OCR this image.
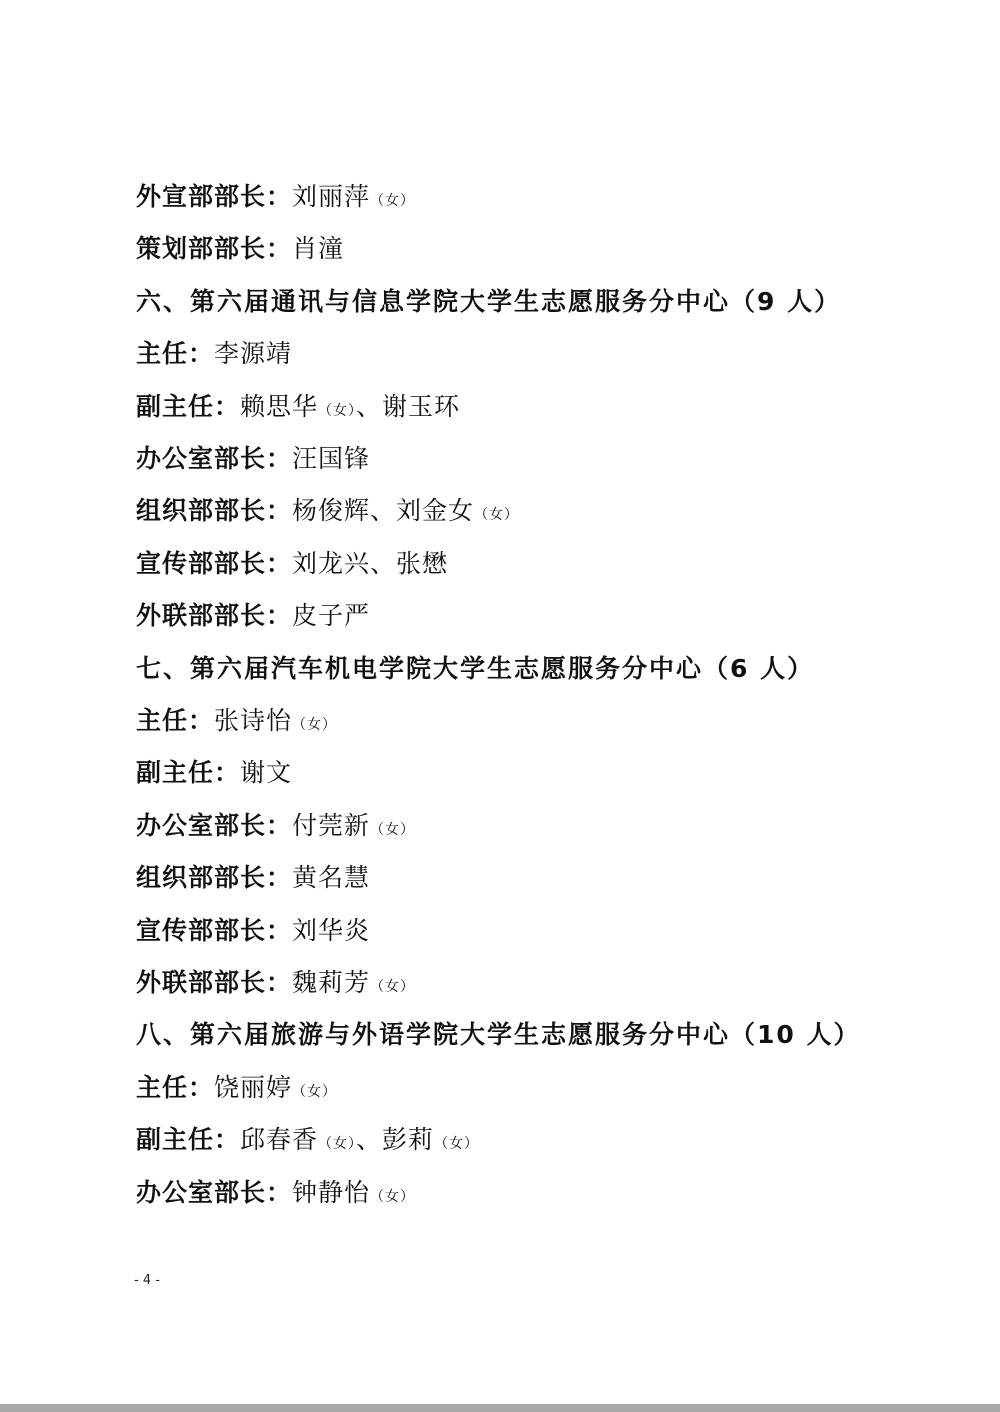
外宣部部长：刘丽萍（女）
策划部部长：肖潼
六、第六届通讯与信息学院大学生志愿服务分中心（9 人）
主任：李源靖
副主任：赖思华（女）、谢玉环
办公室部长：汪国锋
组织部部长：杨俊辉、刘金女（女）
宣传部部长：刘龙兴、张懋
外联部部长：皮子严
七、第六届汽车机电学院大学生志愿服务分中心（6 人）
主任：张诗怡（女）
副主任：谢文
办公室部长：付莞新（女）
组织部部长：黄名慧
宣传部部长：刘华炎
外联部部长：魏莉芳（女）
八、第六届旅游与外语学院大学生志愿服务分中心（10 人）
主任：饶丽婷（女）
副主任：邱春香（女）、彭莉（女）
办公室部长：钟静怡（女）
- 4 -
